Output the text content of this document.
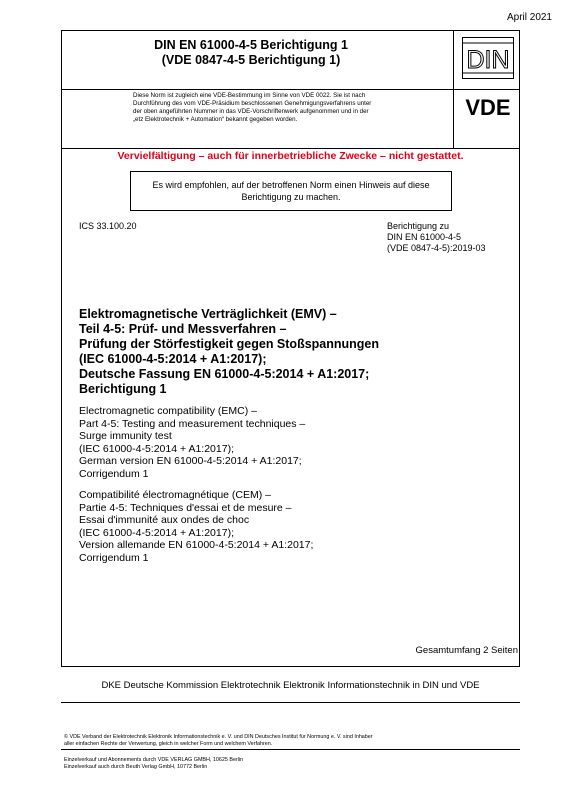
April 2021
DIN EN 61000-4-5 Berichtigung 1
(VDE 0847-4-5 Berichtigung 1)	DIN
Diese Norm ist zugleich eine VDE-Bestimmung im Sinne von VDE 0022. Sie ist nach
Durchführung des vom VDE-Präsidium beschlossenen Genehmigungsverfahrens unter
der oben angeführten Nummer in das VDE-Vorschriftenwerk aufgenommen und in der
„etz Elektrotechnik + Automation“ bekannt gegeben worden.	VDE
Vervielfältigung – auch für innerbetriebliche Zwecke – nicht gestattet.
Es wird empfohlen, auf der betroffenen Norm einen Hinweis auf diese
Berichtigung zu machen.
ICS 33.100.20	Berichtigung zu
DIN EN 61000-4-5
(VDE 0847-4-5):2019-03
Elektromagnetische Verträglichkeit (EMV) –
Teil 4-5: Prüf- und Messverfahren –
Prüfung der Störfestigkeit gegen Stoßspannungen
(IEC 61000-4-5:2014 + A1:2017);
Deutsche Fassung EN 61000-4-5:2014 + A1:2017;
Berichtigung 1
Electromagnetic compatibility (EMC) –
Part 4-5: Testing and measurement techniques –
Surge immunity test
(IEC 61000-4-5:2014 + A1:2017);
German version EN 61000-4-5:2014 + A1:2017;
Corrigendum 1
Compatibilité électromagnétique (CEM) –
Partie 4-5: Techniques d'essai et de mesure –
Essai d'immunité aux ondes de choc
(IEC 61000-4-5:2014 + A1:2017);
Version allemande EN 61000-4-5:2014 + A1:2017;
Corrigendum 1
Gesamtumfang 2 Seiten
DKE Deutsche Kommission Elektrotechnik Elektronik Informationstechnik in DIN und VDE
© VDE Verband der Elektrotechnik Elektronik Informationstechnik e. V. und DIN Deutsches Institut für Normung e. V. sind Inhaber
aller einfachen Rechte der Verwertung, gleich in welcher Form und welchem Verfahren.
Einzelverkauf und Abonnements durch VDE VERLAG GMBH, 10625 Berlin
Einzelverkauf auch durch Beuth Verlag GmbH, 10772 Berlin
